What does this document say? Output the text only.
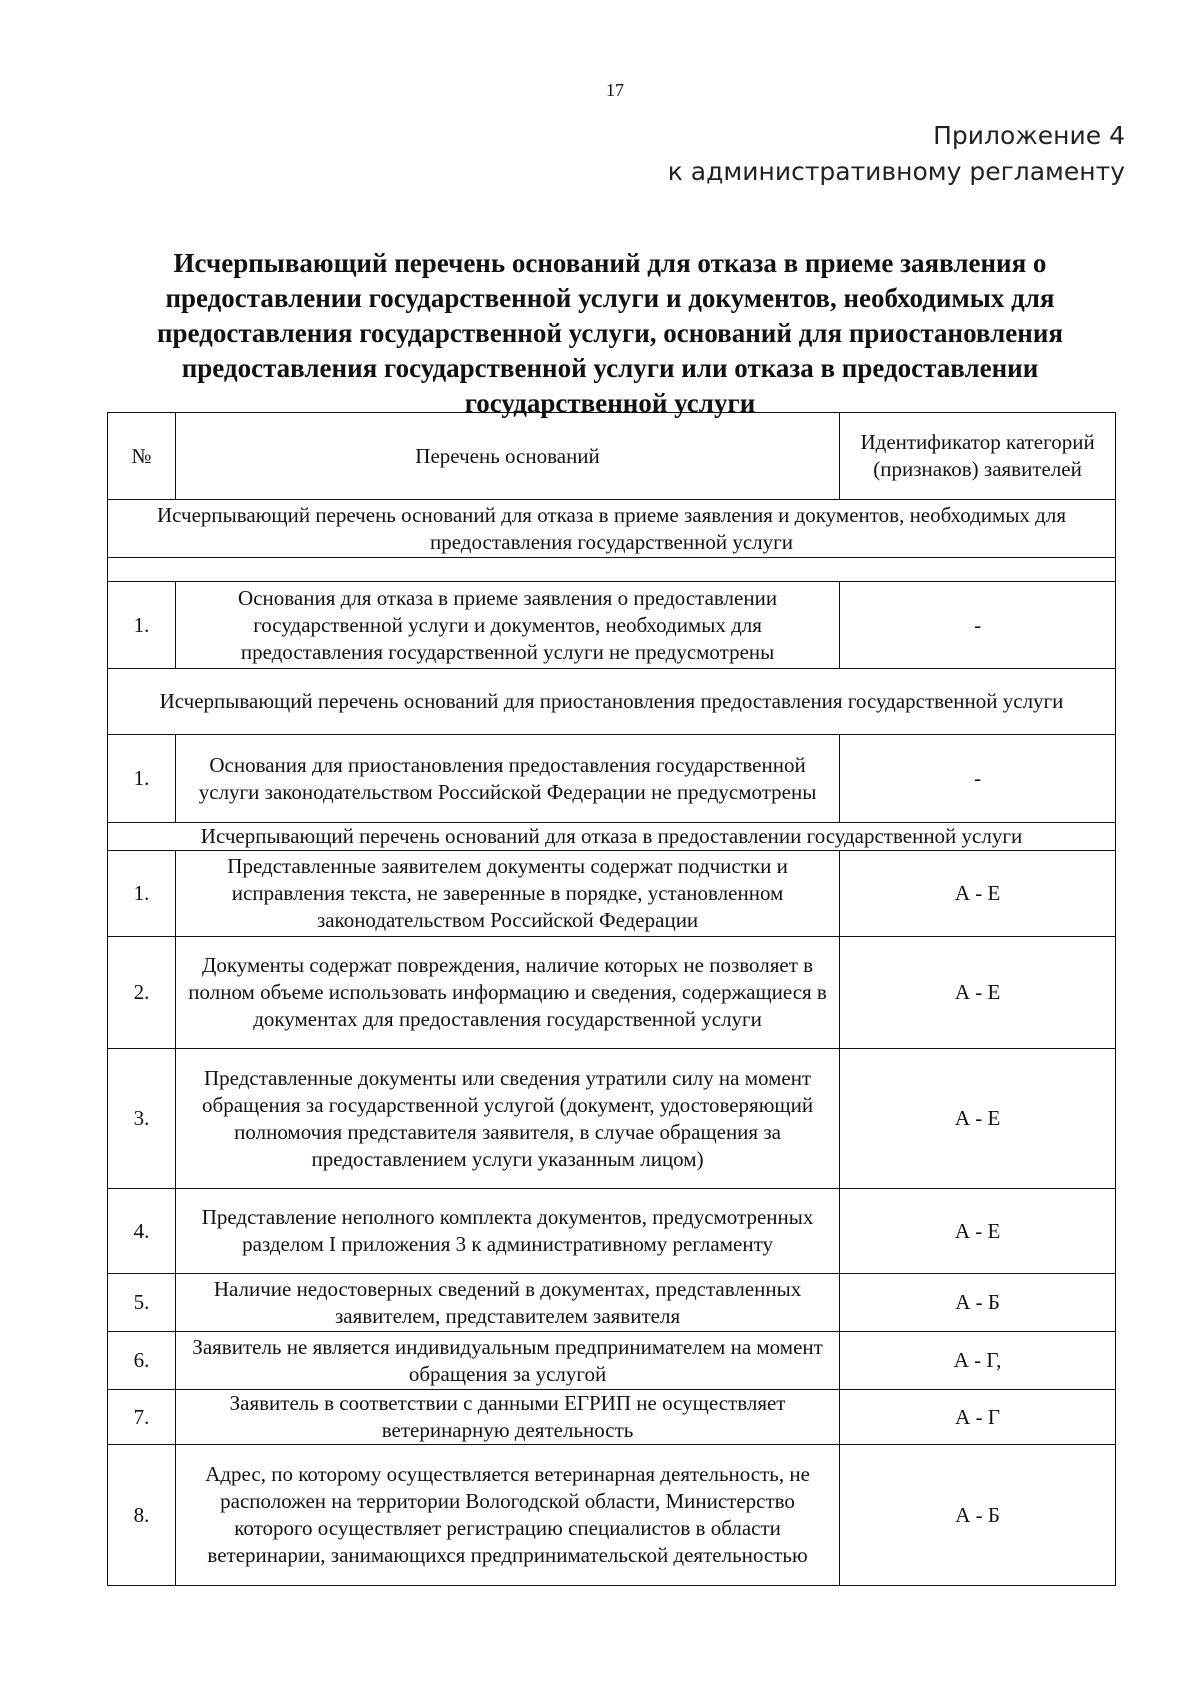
17
Приложение 4
к административному регламенту
Исчерпывающий перечень оснований для отказа в приеме заявления о предоставлении государственной услуги и документов, необходимых для предоставления государственной услуги, оснований для приостановления предоставления государственной услуги или отказа в предоставлении государственной услуги
№	Перечень оснований	Идентификатор категорий (признаков) заявителей
Исчерпывающий перечень оснований для отказа в приеме заявления и документов, необходимых для предоставления государственной услуги		

1.	Основания для отказа в приеме заявления о предоставлении государственной услуги и документов, необходимых для предоставления государственной услуги не предусмотрены	-
Исчерпывающий перечень оснований для приостановления предоставления государственной услуги		
1.	Основания для приостановления предоставления государственной услуги законодательством Российской Федерации не предусмотрены	-
Исчерпывающий перечень оснований для отказа в предоставлении государственной услуги		
1.	Представленные заявителем документы содержат подчистки и исправления текста, не заверенные в порядке, установленном законодательством Российской Федерации	А - Е
2.	Документы содержат повреждения, наличие которых не позволяет в полном объеме использовать информацию и сведения, содержащиеся в документах для предоставления государственной услуги	А - Е
3.	Представленные документы или сведения утратили силу на момент обращения за государственной услугой (документ, удостоверяющий полномочия представителя заявителя, в случае обращения за предоставлением услуги указанным лицом)	А - Е
4.	Представление неполного комплекта документов, предусмотренных разделом I приложения 3 к административному регламенту	А - Е
5.	Наличие недостоверных сведений в документах, представленных заявителем, представителем заявителя	А - Б
6.	Заявитель не является индивидуальным предпринимателем на момент обращения за услугой	А - Г,
7.	Заявитель в соответствии с данными ЕГРИП не осуществляет ветеринарную деятельность	А - Г
8.	Адрес, по которому осуществляется ветеринарная деятельность, не расположен на территории Вологодской области, Министерство которого осуществляет регистрацию специалистов в области ветеринарии, занимающихся предпринимательской деятельностью	А - Б
